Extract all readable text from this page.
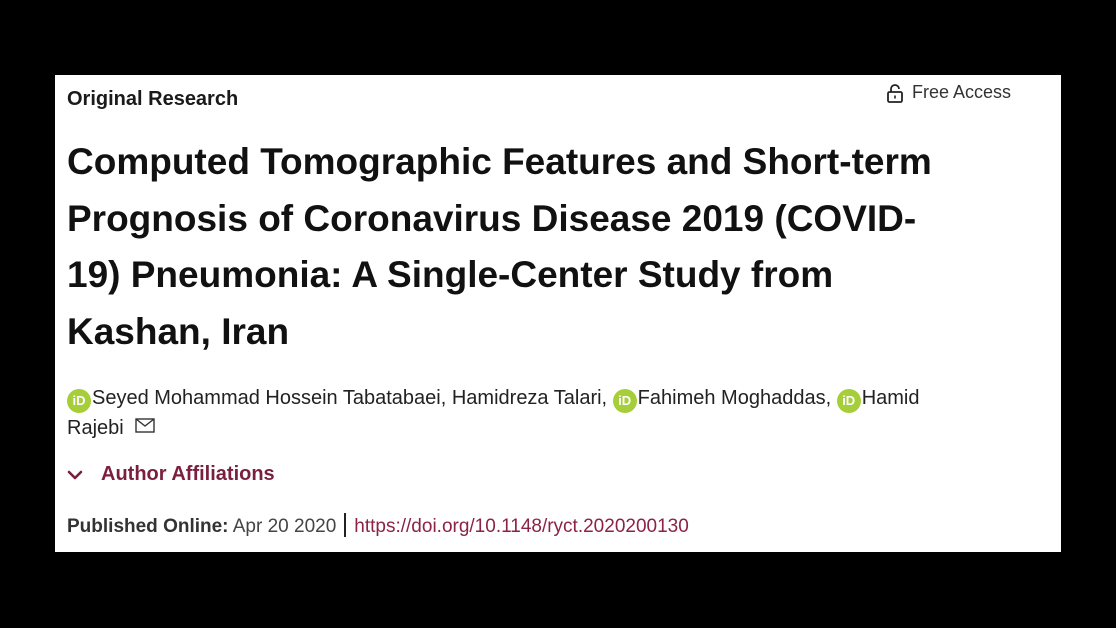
Original Research	Free Access
Computed Tomographic Features and Short-term
Prognosis of Coronavirus Disease 2019 (COVID-
19) Pneumonia: A Single-Center Study from
Kashan, Iran
iD Seyed Mohammad Hossein Tabatabaei, Hamidreza Talari, iD Fahimeh Moghaddas, iD Hamid
Rajebi
Author Affiliations
Published Online: Apr 20 2020 https://doi.org/10.1148/ryct.2020200130
